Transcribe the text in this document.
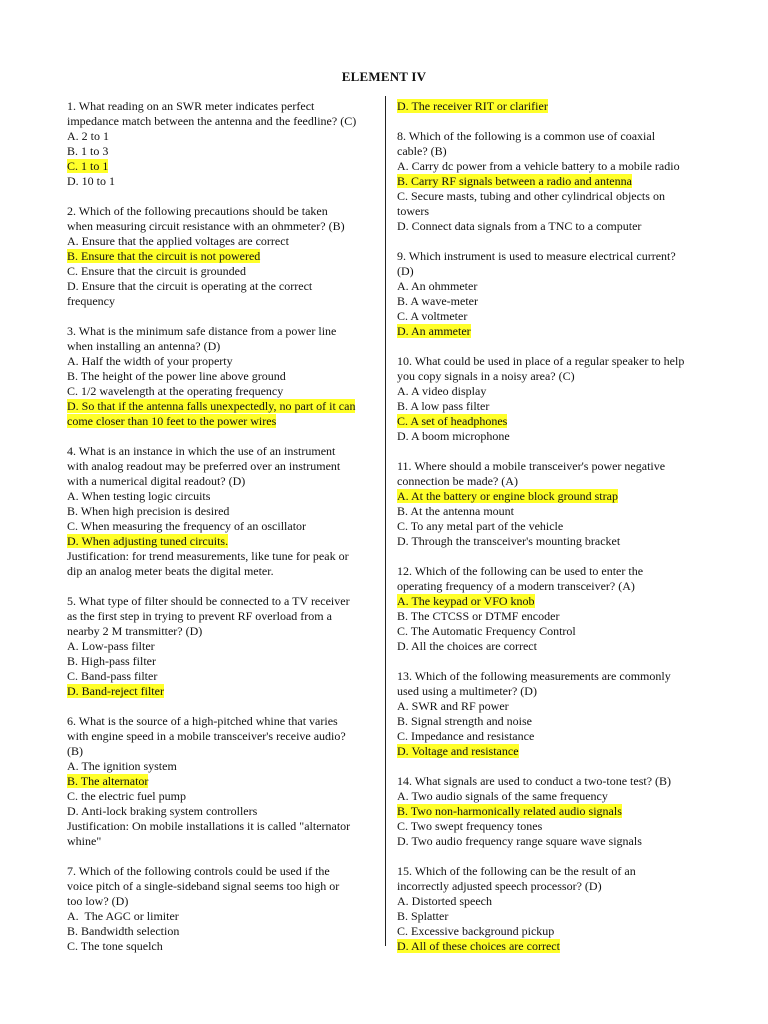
ELEMENT IV
1. What reading on an SWR meter indicates perfect
impedance match between the antenna and the feedline? (C)
A. 2 to 1
B. 1 to 3
C. 1 to 1
D. 10 to 1
2. Which of the following precautions should be taken
when measuring circuit resistance with an ohmmeter? (B)
A. Ensure that the applied voltages are correct
B. Ensure that the circuit is not powered
C. Ensure that the circuit is grounded
D. Ensure that the circuit is operating at the correct
frequency
3. What is the minimum safe distance from a power line
when installing an antenna? (D)
A. Half the width of your property
B. The height of the power line above ground
C. 1/2 wavelength at the operating frequency
D. So that if the antenna falls unexpectedly, no part of it can
come closer than 10 feet to the power wires
4. What is an instance in which the use of an instrument
with analog readout may be preferred over an instrument
with a numerical digital readout? (D)
A. When testing logic circuits
B. When high precision is desired
C. When measuring the frequency of an oscillator
D. When adjusting tuned circuits.
Justification: for trend measurements, like tune for peak or
dip an analog meter beats the digital meter.
5. What type of filter should be connected to a TV receiver
as the first step in trying to prevent RF overload from a
nearby 2 M transmitter? (D)
A. Low-pass filter
B. High-pass filter
C. Band-pass filter
D. Band-reject filter
6. What is the source of a high-pitched whine that varies
with engine speed in a mobile transceiver's receive audio?
(B)
A. The ignition system
B. The alternator
C. the electric fuel pump
D. Anti-lock braking system controllers
Justification: On mobile installations it is called "alternator
whine"
7. Which of the following controls could be used if the
voice pitch of a single-sideband signal seems too high or
too low? (D)
A.  The AGC or limiter
B. Bandwidth selection
C. The tone squelch
D. The receiver RIT or clarifier
8. Which of the following is a common use of coaxial
cable? (B)
A. Carry dc power from a vehicle battery to a mobile radio
B. Carry RF signals between a radio and antenna
C. Secure masts, tubing and other cylindrical objects on
towers
D. Connect data signals from a TNC to a computer
9. Which instrument is used to measure electrical current?
(D)
A. An ohmmeter
B. A wave-meter
C. A voltmeter
D. An ammeter
10. What could be used in place of a regular speaker to help
you copy signals in a noisy area? (C)
A. A video display
B. A low pass filter
C. A set of headphones
D. A boom microphone
11. Where should a mobile transceiver's power negative
connection be made? (A)
A. At the battery or engine block ground strap
B. At the antenna mount
C. To any metal part of the vehicle
D. Through the transceiver's mounting bracket
12. Which of the following can be used to enter the
operating frequency of a modern transceiver? (A)
A. The keypad or VFO knob
B. The CTCSS or DTMF encoder
C. The Automatic Frequency Control
D. All the choices are correct
13. Which of the following measurements are commonly
used using a multimeter? (D)
A. SWR and RF power
B. Signal strength and noise
C. Impedance and resistance
D. Voltage and resistance
14. What signals are used to conduct a two-tone test? (B)
A. Two audio signals of the same frequency
B. Two non-harmonically related audio signals
C. Two swept frequency tones
D. Two audio frequency range square wave signals
15. Which of the following can be the result of an
incorrectly adjusted speech processor? (D)
A. Distorted speech
B. Splatter
C. Excessive background pickup
D. All of these choices are correct
